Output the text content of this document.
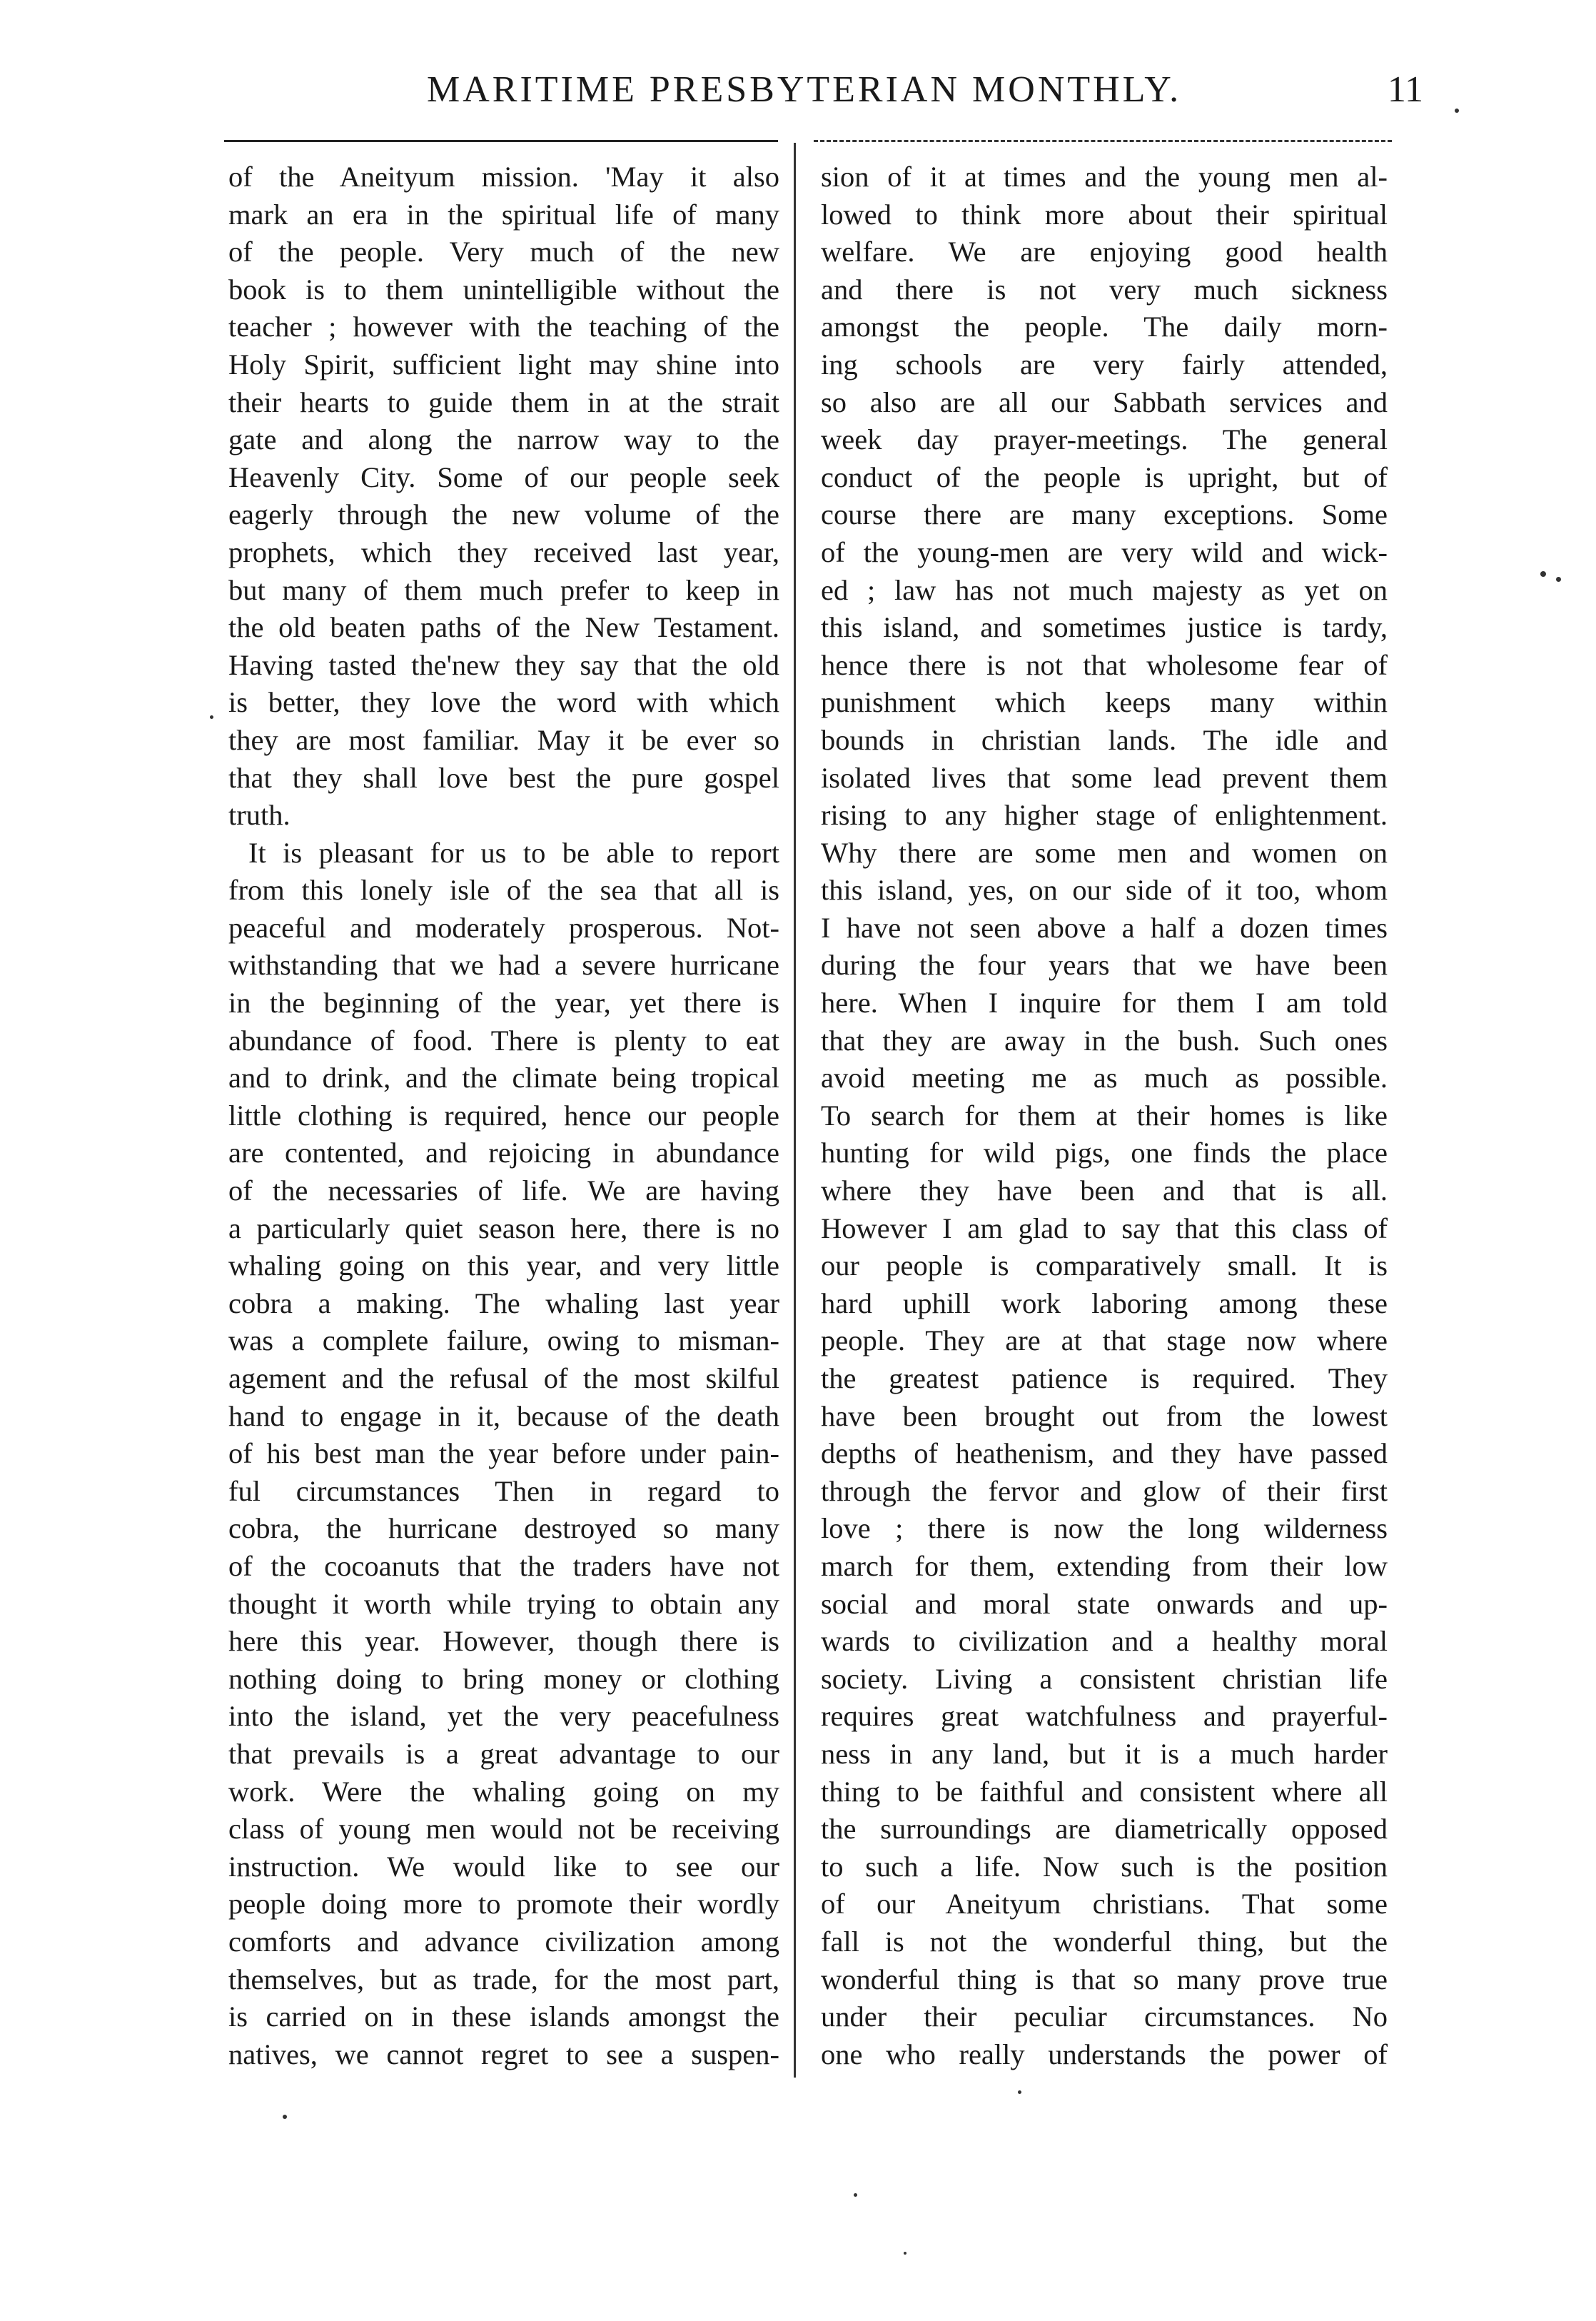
MARITIME PRESBYTERIAN MONTHLY.	11
of the Aneityum mission. 'May it also
mark an era in the spiritual life of many
of the people. Very much of the new
book is to them unintelligible without the
teacher ; however with the teaching of the
Holy Spirit, sufficient light may shine into
their hearts to guide them in at the strait
gate and along the narrow way to the
Heavenly City. Some of our people seek
eagerly through the new volume of the
prophets, which they received last year,
but many of them much prefer to keep in
the old beaten paths of the New Testament.
Having tasted the'new they say that the old
is better, they love the word with which
they are most familiar. May it be ever so
that they shall love best the pure gospel
truth.
It is pleasant for us to be able to report
from this lonely isle of the sea that all is
peaceful and moderately prosperous. Not-
withstanding that we had a severe hurricane
in the beginning of the year, yet there is
abundance of food. There is plenty to eat
and to drink, and the climate being tropical
little clothing is required, hence our people
are contented, and rejoicing in abundance
of the necessaries of life. We are having
a particularly quiet season here, there is no
whaling going on this year, and very little
cobra a making. The whaling last year
was a complete failure, owing to misman-
agement and the refusal of the most skilful
hand to engage in it, because of the death
of his best man the year before under pain-
ful circumstances Then in regard to
cobra, the hurricane destroyed so many
of the cocoanuts that the traders have not
thought it worth while trying to obtain any
here this year. However, though there is
nothing doing to bring money or clothing
into the island, yet the very peacefulness
that prevails is a great advantage to our
work. Were the whaling going on my
class of young men would not be receiving
instruction. We would like to see our
people doing more to promote their wordly
comforts and advance civilization among
themselves, but as trade, for the most part,
is carried on in these islands amongst the
natives, we cannot regret to see a suspen-
sion of it at times and the young men al-
lowed to think more about their spiritual
welfare. We are enjoying good health
and there is not very much sickness
amongst the people. The daily morn-
ing schools are very fairly attended,
so also are all our Sabbath services and
week day prayer-meetings. The general
conduct of the people is upright, but of
course there are many exceptions. Some
of the young-men are very wild and wick-
ed ; law has not much majesty as yet on
this island, and sometimes justice is tardy,
hence there is not that wholesome fear of
punishment which keeps many within
bounds in christian lands. The idle and
isolated lives that some lead prevent them
rising to any higher stage of enlightenment.
Why there are some men and women on
this island, yes, on our side of it too, whom
I have not seen above a half a dozen times
during the four years that we have been
here. When I inquire for them I am told
that they are away in the bush. Such ones
avoid meeting me as much as possible.
To search for them at their homes is like
hunting for wild pigs, one finds the place
where they have been and that is all.
However I am glad to say that this class of
our people is comparatively small. It is
hard uphill work laboring among these
people. They are at that stage now where
the greatest patience is required. They
have been brought out from the lowest
depths of heathenism, and they have passed
through the fervor and glow of their first
love ; there is now the long wilderness
march for them, extending from their low
social and moral state onwards and up-
wards to civilization and a healthy moral
society. Living a consistent christian life
requires great watchfulness and prayerful-
ness in any land, but it is a much harder
thing to be faithful and consistent where all
the surroundings are diametrically opposed
to such a life. Now such is the position
of our Aneityum christians. That some
fall is not the wonderful thing, but the
wonderful thing is that so many prove true
under their peculiar circumstances. No
one who really understands the power of
